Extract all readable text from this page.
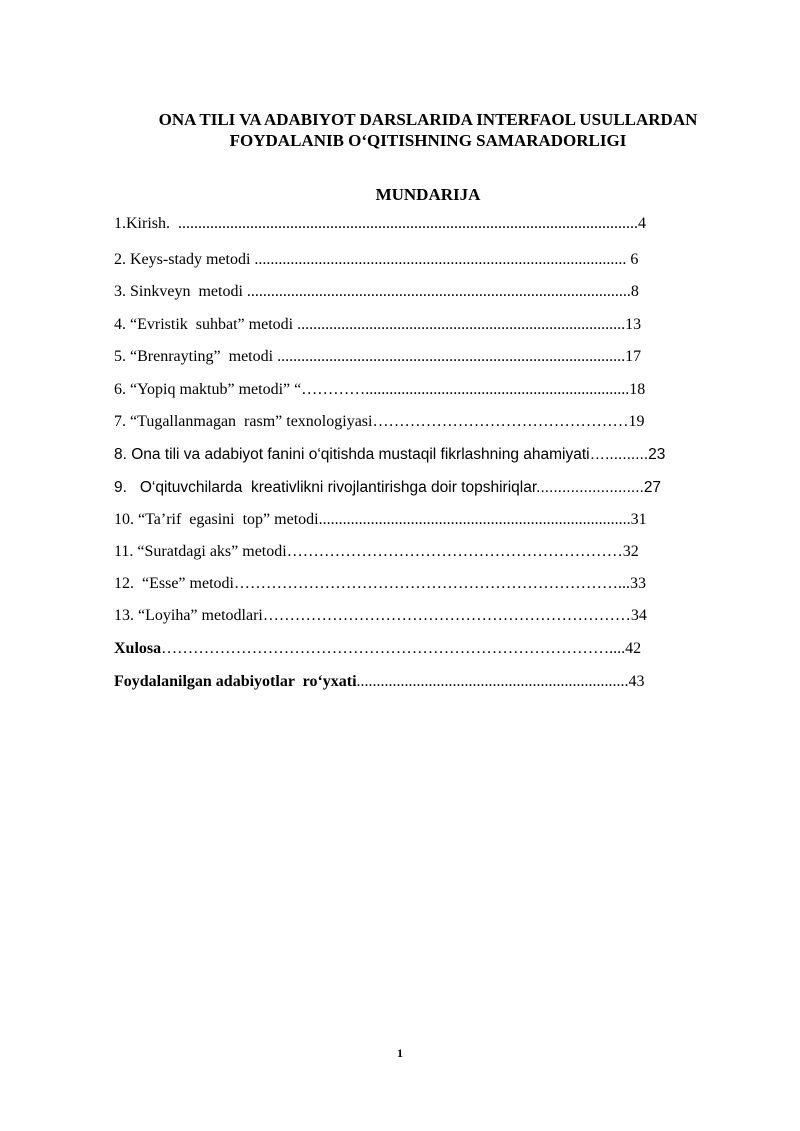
ONA TILI VA ADABIYOT DARSLARIDA INTERFAOL USULLARDAN
FOYDALANIB O‘QITISHNING SAMARADORLIGI
MUNDARIJA
1.Kirish.  ...................................................................................................................4
2. Keys-stady metodi ............................................................................................. 6
3. Sinkveyn  metodi ................................................................................................8
4. “Evristik  suhbat” metodi ..................................................................................13
5. “Brenrayting”  metodi .......................................................................................17
6. “Yopiq maktub” metodi” “…………..................................................................18
7. “Tugallanmagan  rasm” texnologiyasi…………………………………………19
8. Ona tili va adabiyot fanini o‘qitishda mustaqil fikrlashning ahamiyati…..........23
9.   O‘qituvchilarda  kreativlikni rivojlantirishga doir topshiriqlar.........................27
10. “Ta’rif  egasini  top” metodi..............................................................................31
11. “Suratdagi aks” metodi………………………………………………………32
12.  “Esse” metodi………………………………………………………………...33
13. “Loyiha” metodlari……………………………………………………………34
Xulosa…………………………………………………………………………....42
Foydalanilgan adabiyotlar  ro‘yxati....................................................................43
1
